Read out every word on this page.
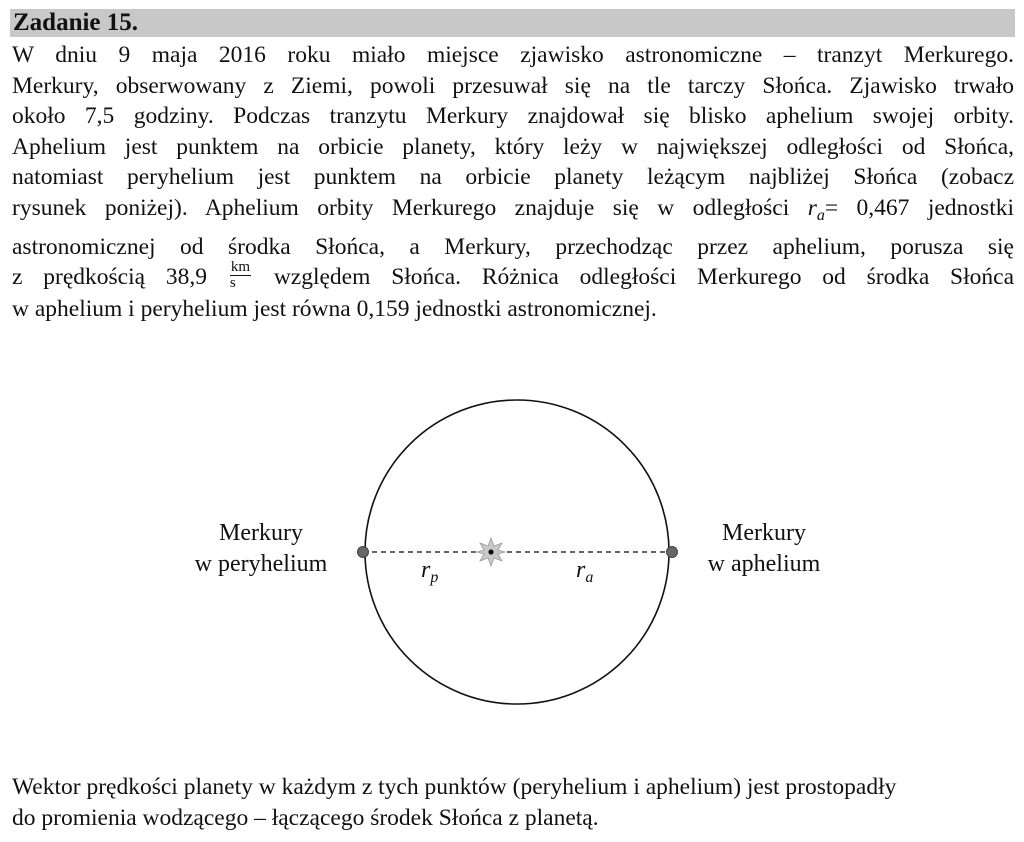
Zadanie 15.
W dniu 9 maja 2016 roku miało miejsce zjawisko astronomiczne – tranzyt Merkurego.
Merkury, obserwowany z Ziemi, powoli przesuwał się na tle tarczy Słońca. Zjawisko trwało
około 7,5 godziny. Podczas tranzytu Merkury znajdował się blisko aphelium swojej orbity.
Aphelium jest punktem na orbicie planety, który leży w największej odległości od Słońca,
natomiast peryhelium jest punktem na orbicie planety leżącym najbliżej Słońca (zobacz
rysunek poniżej). Aphelium orbity Merkurego znajduje się w odległości $r_a= 0,467$ jednostki
astronomicznej od środka Słońca, a Merkury, przechodząc przez aphelium, porusza się
z prędkością $38,9 \frac{km}{s}$ względem Słońca. Różnica odległości Merkurego od środka Słońca
w aphelium i peryhelium jest równa 0,159 jednostki astronomicznej.
Merkury
w peryhelium
Merkury
w aphelium
$r_p$	$r_a$
Wektor prędkości planety w każdym z tych punktów (peryhelium i aphelium) jest prostopadły
do promienia wodzącego – łączącego środek Słońca z planetą.
